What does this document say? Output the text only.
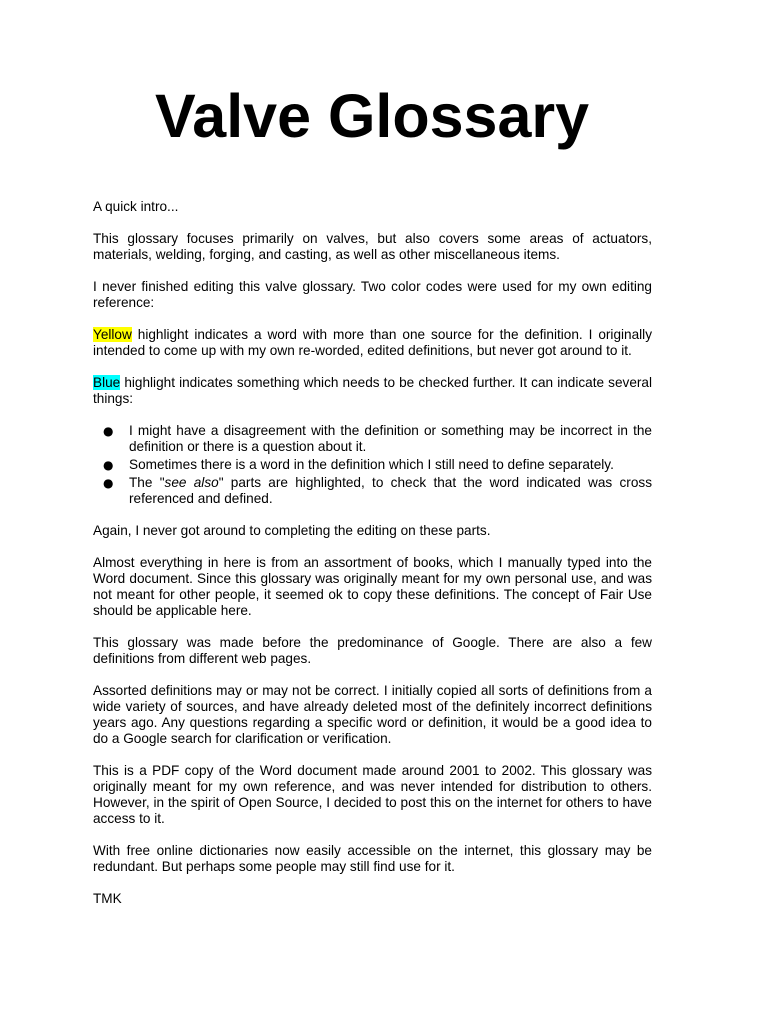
Valve Glossary

A quick intro...

This glossary focuses primarily on valves, but also covers some areas of actuators, materials, welding, forging, and casting, as well as other miscellaneous items.

I never finished editing this valve glossary. Two color codes were used for my own editing reference:

Yellow highlight indicates a word with more than one source for the definition. I originally intended to come up with my own re-worded, edited definitions, but never got around to it.

Blue highlight indicates something which needs to be checked further. It can indicate several things:

● I might have a disagreement with the definition or something may be incorrect in the definition or there is a question about it.
● Sometimes there is a word in the definition which I still need to define separately.
● The "see also" parts are highlighted, to check that the word indicated was cross referenced and defined.

Again, I never got around to completing the editing on these parts.

Almost everything in here is from an assortment of books, which I manually typed into the Word document. Since this glossary was originally meant for my own personal use, and was not meant for other people, it seemed ok to copy these definitions. The concept of Fair Use should be applicable here.

This glossary was made before the predominance of Google. There are also a few definitions from different web pages.

Assorted definitions may or may not be correct. I initially copied all sorts of definitions from a wide variety of sources, and have already deleted most of the definitely incorrect definitions years ago. Any questions regarding a specific word or definition, it would be a good idea to do a Google search for clarification or verification.

This is a PDF copy of the Word document made around 2001 to 2002. This glossary was originally meant for my own reference, and was never intended for distribution to others. However, in the spirit of Open Source, I decided to post this on the internet for others to have access to it.

With free online dictionaries now easily accessible on the internet, this glossary may be redundant. But perhaps some people may still find use for it.

TMK
